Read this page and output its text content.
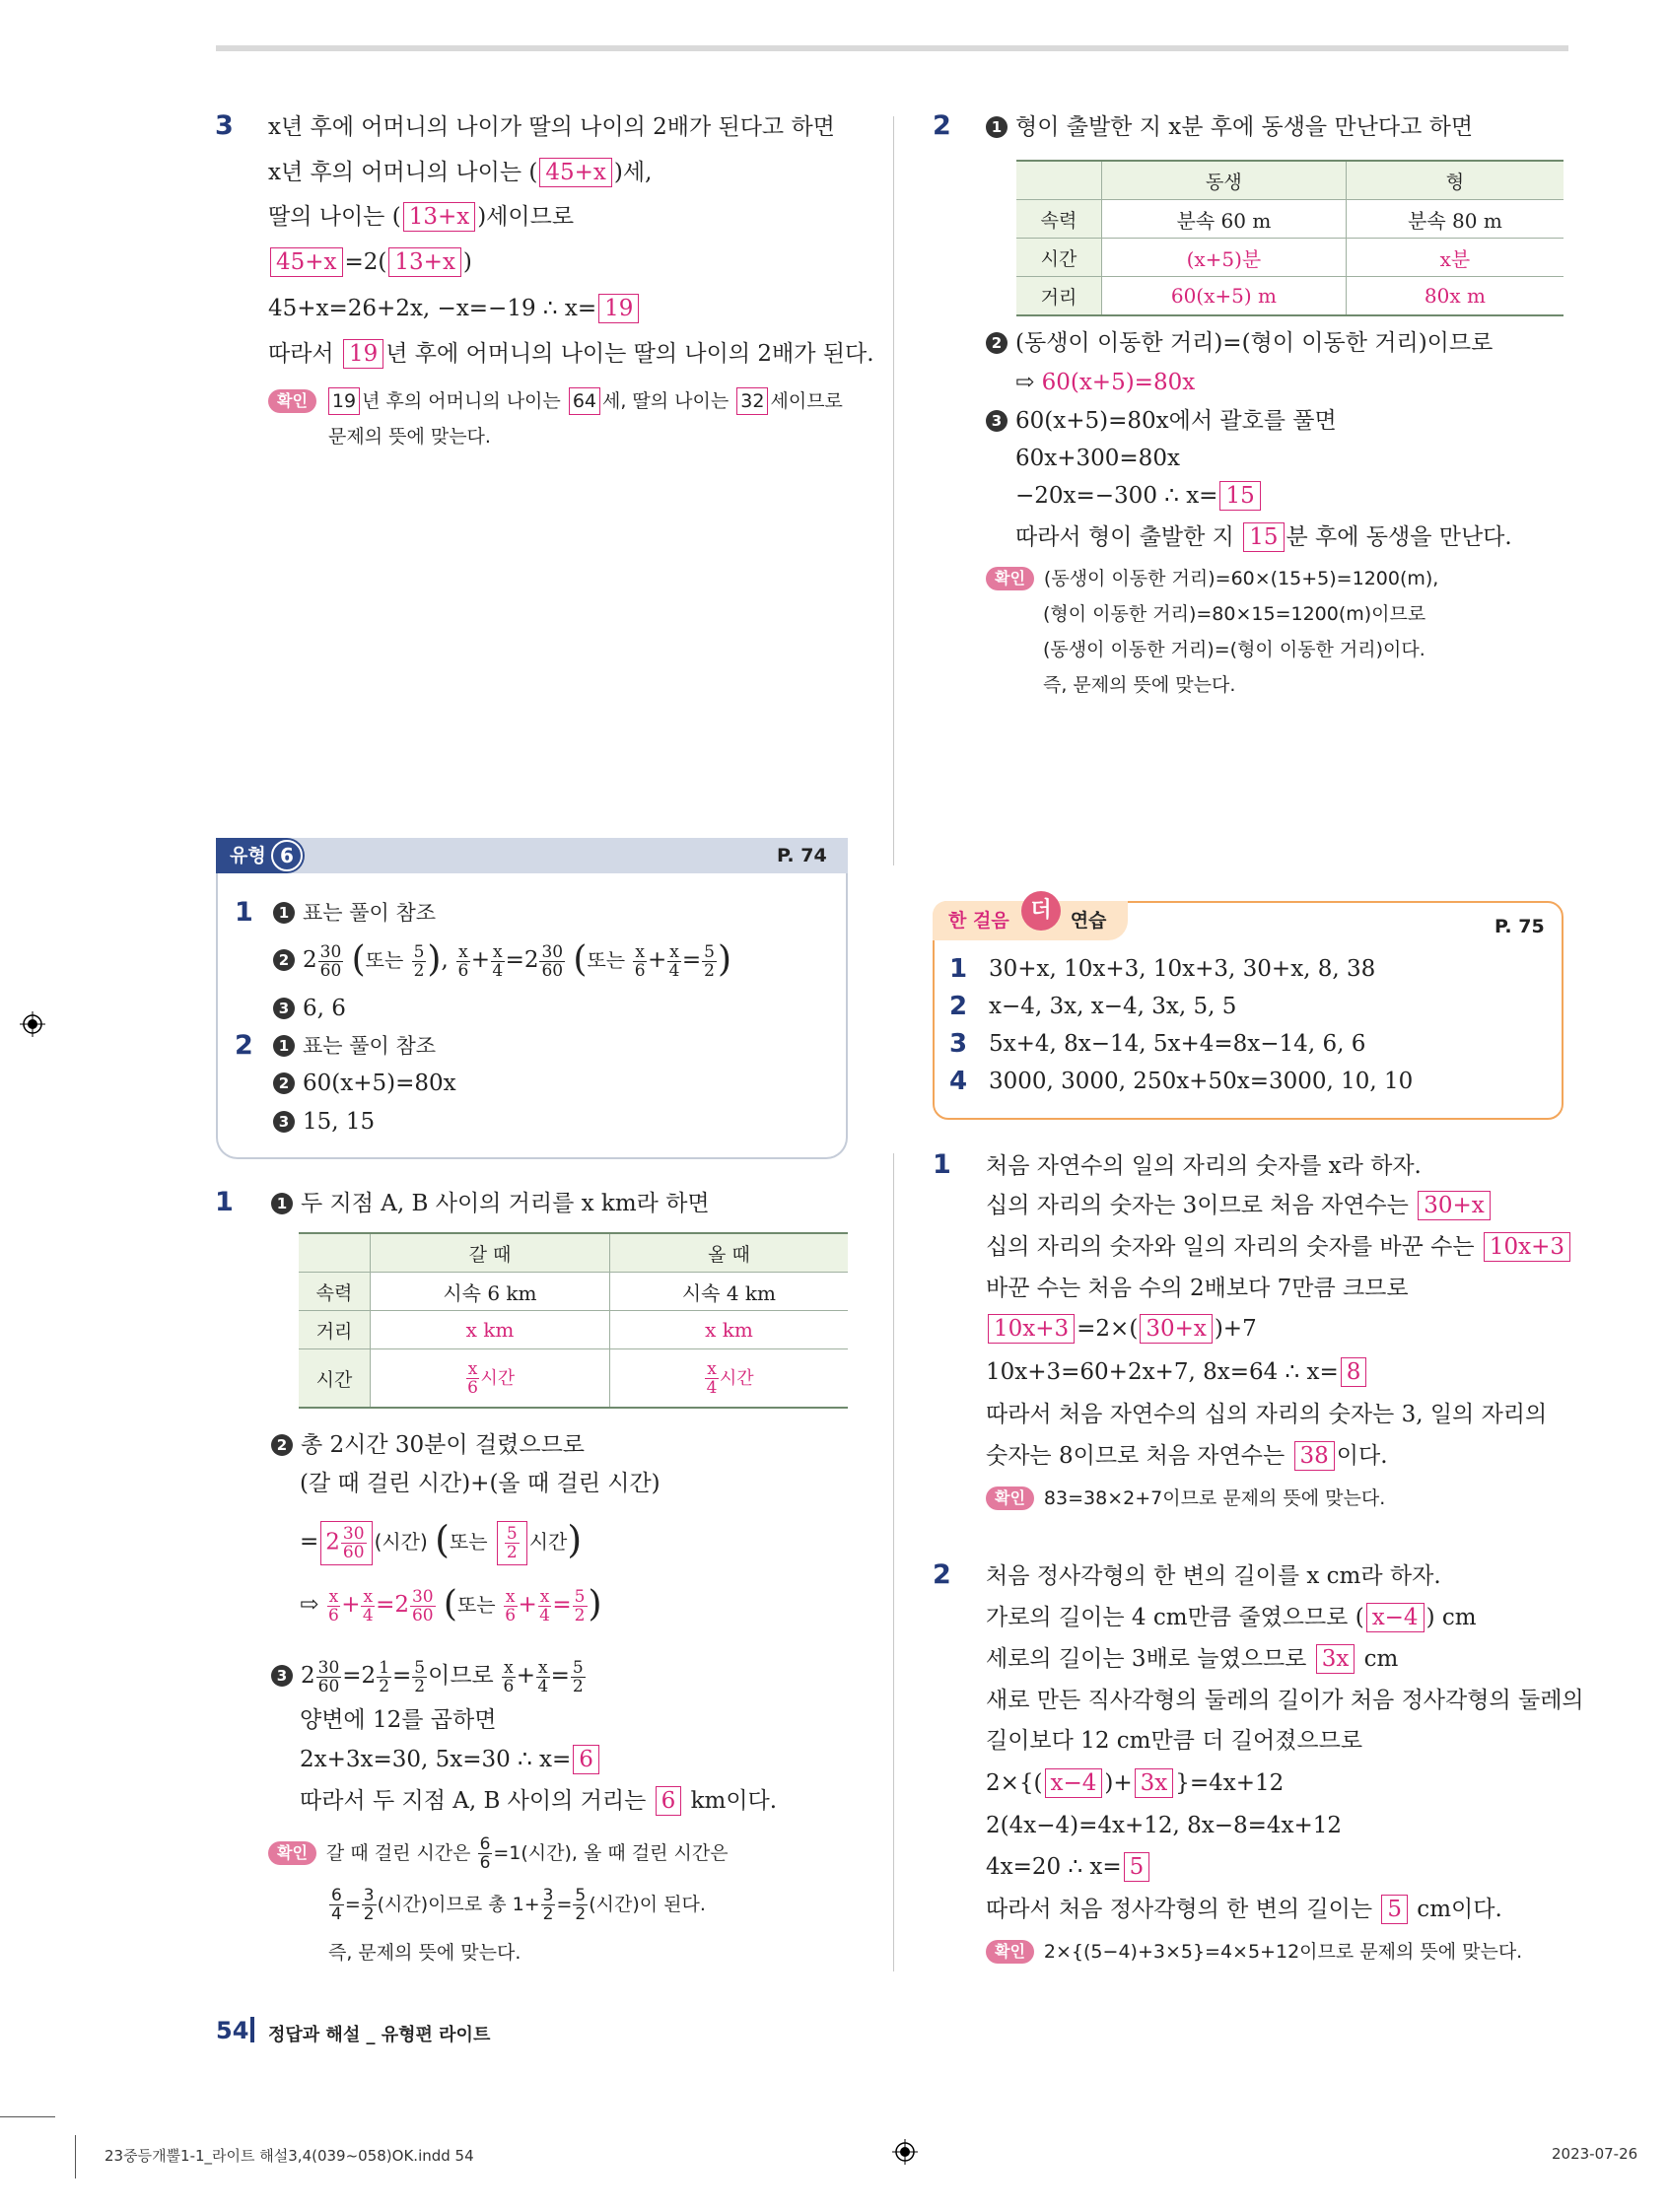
3 x년 후에 어머니의 나이가 딸의 나이의 2배가 된다고 하면
x년 후의 어머니의 나이는 ( 45+x )세,
딸의 나이는 ( 13+x )세이므로
45+x =2( 13+x )
45+x=26+2x, −x=−19 ∴ x= 19
따라서 19 년 후에 어머니의 나이는 딸의 나이의 2배가 된다.
확인 19 년 후의 어머니의 나이는 64 세, 딸의 나이는 32 세이므로
문제의 뜻에 맞는다.
유형 6	P. 74
1	1 표는 풀이 참조
2 $2 \frac{30}{60}$ (또는 $\frac{5}{2}$ ), $\frac{x}{6} + \frac{x}{4} =2 \frac{30}{60}$ (또는 $\frac{x}{6} + \frac{x}{4} = \frac{5}{2}$ )
3 6, 6
2	1 표는 풀이 참조
2 60(x+5)=80x
3 15, 15
1	1 두 지점 A, B 사이의 거리를 x km라 하면
	갈 때	올 때
속력	시속 6 km	시속 4 km
거리	x km	x km
시간	$\frac{x}{6}$ 시간	$\frac{x}{4}$ 시간
2 총 2시간 30분이 걸렸으므로
(갈 때 걸린 시간)+(올 때 걸린 시간)
= $2 \frac{30}{60}$ (시간) (또는 $\frac{5}{2}$ 시간)
⇨ $\frac{x}{6} + \frac{x}{4} =2 \frac{30}{60}$ (또는 $\frac{x}{6} + \frac{x}{4} = \frac{5}{2}$ )
3 $2 \frac{30}{60} =2 \frac{1}{2} = \frac{5}{2}$ 이므로 $\frac{x}{6} + \frac{x}{4} = \frac{5}{2}$
양변에 12를 곱하면
2x+3x=30, 5x=30 ∴ x= 6
따라서 두 지점 A, B 사이의 거리는 6 km이다.
확인 갈 때 걸린 시간은 $\frac{6}{6} =1$(시간), 올 때 걸린 시간은
$\frac{6}{4} = \frac{3}{2}$ (시간)이므로 총 $1+ \frac{3}{2} = \frac{5}{2}$ (시간)이 된다.
즉, 문제의 뜻에 맞는다.
2	1 형이 출발한 지 x분 후에 동생을 만난다고 하면
	동생	형
속력	분속 60 m	분속 80 m
시간	(x+5)분	x분
거리	60(x+5) m	80x m
2 (동생이 이동한 거리)=(형이 이동한 거리)이므로
⇨ 60(x+5)=80x
3 60(x+5)=80x에서 괄호를 풀면
60x+300=80x
−20x=−300 ∴ x= 15
따라서 형이 출발한 지 15 분 후에 동생을 만난다.
확인 (동생이 이동한 거리)=60×(15+5)=1200(m),
(형이 이동한 거리)=80×15=1200(m)이므로
(동생이 이동한 거리)=(형이 이동한 거리)이다.
즉, 문제의 뜻에 맞는다.
한 걸음	연습
더
P. 75
1 30+x, 10x+3, 10x+3, 30+x, 8, 38
2 x−4, 3x, x−4, 3x, 5, 5
3 5x+4, 8x−14, 5x+4=8x−14, 6, 6
4 3000, 3000, 250x+50x=3000, 10, 10
1 처음 자연수의 일의 자리의 숫자를 x라 하자.
십의 자리의 숫자는 3이므로 처음 자연수는 30+x
십의 자리의 숫자와 일의 자리의 숫자를 바꾼 수는 10x+3
바꾼 수는 처음 수의 2배보다 7만큼 크므로
10x+3 =2×( 30+x )+7
10x+3=60+2x+7, 8x=64 ∴ x= 8
따라서 처음 자연수의 십의 자리의 숫자는 3, 일의 자리의
숫자는 8이므로 처음 자연수는 38 이다.
확인 83=38×2+7이므로 문제의 뜻에 맞는다.
2 처음 정사각형의 한 변의 길이를 x cm라 하자.
가로의 길이는 4 cm만큼 줄였으므로 ( x−4 ) cm
세로의 길이는 3배로 늘였으므로 3x cm
새로 만든 직사각형의 둘레의 길이가 처음 정사각형의 둘레의
길이보다 12 cm만큼 더 길어졌으므로
2×{( x−4 )+ 3x }=4x+12
2(4x−4)=4x+12, 8x−8=4x+12
4x=20 ∴ x= 5
따라서 처음 정사각형의 한 변의 길이는 5 cm이다.
확인 2×{(5−4)+3×5}=4×5+12이므로 문제의 뜻에 맞는다.
54 정답과 해설 _ 유형편 라이트
23중등개뿔1-1_라이트 해설3,4(039~058)OK.indd 54	2023-07-26
